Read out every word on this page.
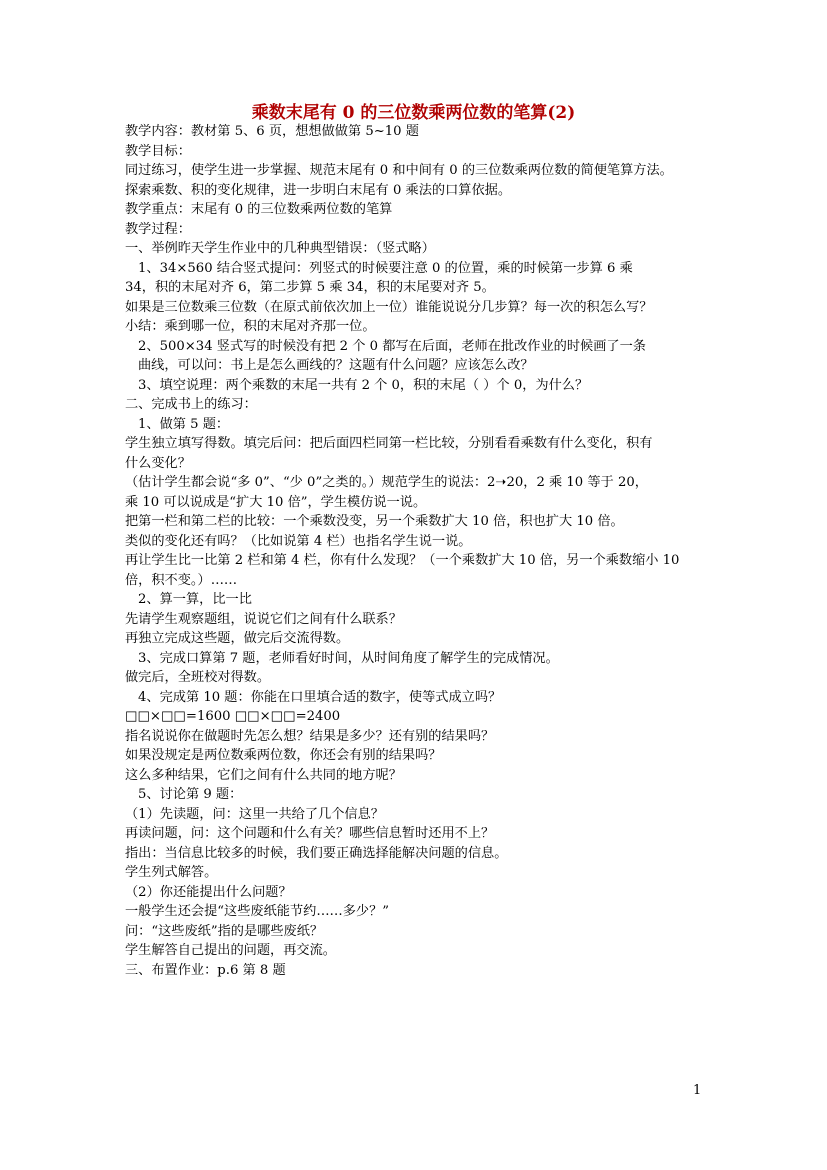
乘数末尾有 0 的三位数乘两位数的笔算(2)
教学内容：教材第 5、6 页，想想做做第 5~10 题
教学目标：
同过练习，使学生进一步掌握、规范末尾有 0 和中间有 0 的三位数乘两位数的简便笔算方法。
探索乘数、积的变化规律，进一步明白末尾有 0 乘法的口算依据。
教学重点：末尾有 0 的三位数乘两位数的笔算
教学过程：
一、举例昨天学生作业中的几种典型错误：（竖式略）
1、34×560 结合竖式提问：列竖式的时候要注意 0 的位置，乘的时候第一步算 6 乘
34，积的末尾对齐 6，第二步算 5 乘 34，积的末尾要对齐 5。
如果是三位数乘三位数（在原式前依次加上一位）谁能说说分几步算？每一次的积怎么写？
小结：乘到哪一位，积的末尾对齐那一位。
2、500×34 竖式写的时候没有把 2 个 0 都写在后面，老师在批改作业的时候画了一条
曲线，可以问：书上是怎么画线的？这题有什么问题？应该怎么改？
3、填空说理：两个乘数的末尾一共有 2 个 0，积的末尾（ ）个 0，为什么？
二、完成书上的练习：
1、做第 5 题：
学生独立填写得数。填完后问：把后面四栏同第一栏比较，分别看看乘数有什么变化，积有
什么变化？
（估计学生都会说“多 0”、“少 0”之类的。）规范学生的说法：2➝20，2 乘 10 等于 20，
乘 10 可以说成是“扩大 10 倍”，学生模仿说一说。
把第一栏和第二栏的比较：一个乘数没变，另一个乘数扩大 10 倍，积也扩大 10 倍。
类似的变化还有吗？（比如说第 4 栏）也指名学生说一说。
再让学生比一比第 2 栏和第 4 栏，你有什么发现？（一个乘数扩大 10 倍，另一个乘数缩小 10
倍，积不变。）……
2、算一算，比一比
先请学生观察题组，说说它们之间有什么联系？
再独立完成这些题，做完后交流得数。
3、完成口算第 7 题，老师看好时间，从时间角度了解学生的完成情况。
做完后，全班校对得数。
4、完成第 10 题：你能在口里填合适的数字，使等式成立吗？
□□×□□=1600 □□×□□=2400
指名说说你在做题时先怎么想？结果是多少？还有别的结果吗？
如果没规定是两位数乘两位数，你还会有别的结果吗？
这么多种结果，它们之间有什么共同的地方呢？
5、讨论第 9 题：
（1）先读题，问：这里一共给了几个信息？
再读问题，问：这个问题和什么有关？哪些信息暂时还用不上？
指出：当信息比较多的时候，我们要正确选择能解决问题的信息。
学生列式解答。
（2）你还能提出什么问题？
一般学生还会提“这些废纸能节约……多少？”
问：“这些废纸”指的是哪些废纸？
学生解答自己提出的问题，再交流。
三、布置作业：p.6 第 8 题
1
